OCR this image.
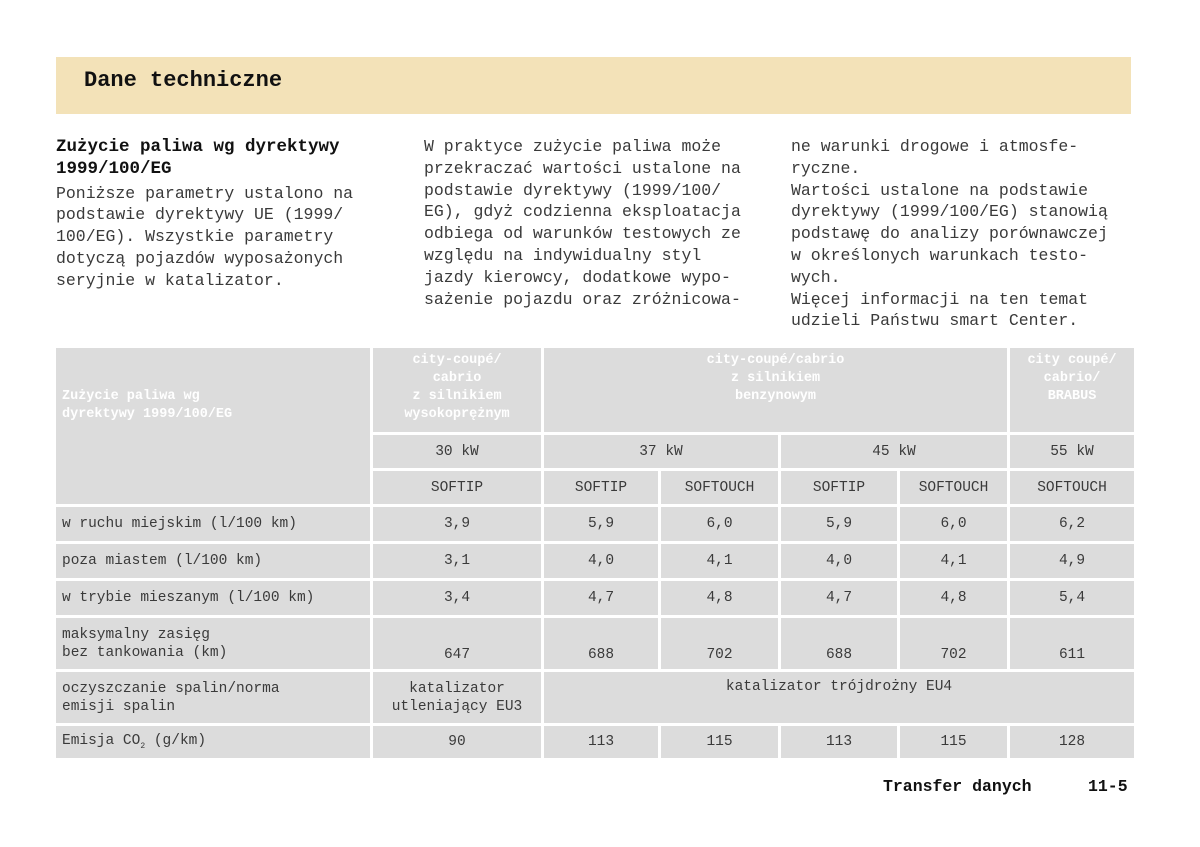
Dane techniczne
Zużycie paliwa wg dyrektywy
1999/100/EG
Poniższe parametry ustalono na
podstawie dyrektywy UE (1999/
100/EG). Wszystkie parametry
dotyczą pojazdów wyposażonych
seryjnie w katalizator.
W praktyce zużycie paliwa może
przekraczać wartości ustalone na
podstawie dyrektywy (1999/100/
EG), gdyż codzienna eksploatacja
odbiega od warunków testowych ze
względu na indywidualny styl
jazdy kierowcy, dodatkowe wypo-
sażenie pojazdu oraz zróżnicowa-
ne warunki drogowe i atmosfe-
ryczne.
Wartości ustalone na podstawie
dyrektywy (1999/100/EG) stanowią
podstawę do analizy porównawczej
w określonych warunkach testo-
wych.
Więcej informacji na ten temat
udzieli Państwu smart Center.
Zużycie paliwa wg
dyrektywy 1999/100/EG	city-coupé/
cabrio
z silnikiem
wysokoprężnym	city-coupé/cabrio
z silnikiem
benzynowym				city coupé/
cabrio/
BRABUS

	30 kW	37 kW		45 kW		55 kW
	SOFTIP	SOFTIP	SOFTOUCH	SOFTIP	SOFTOUCH	SOFTOUCH
w ruchu miejskim (l/100 km)	3,9	5,9	6,0	5,9	6,0	6,2
poza miastem (l/100 km)	3,1	4,0	4,1	4,0	4,1	4,9
w trybie mieszanym (l/100 km)	3,4	4,7	4,8	4,7	4,8	5,4

maksymalny zasięg
bez tankowania (km)	647	688	702	688	702	611

oczyszczanie spalin/norma
emisji spalin	katalizator
utleniający EU3	katalizator trójdrożny EU4				
Emisja $CO_2$ (g/km)	90	113	115	113	115	128
Transfer danych	11-5
